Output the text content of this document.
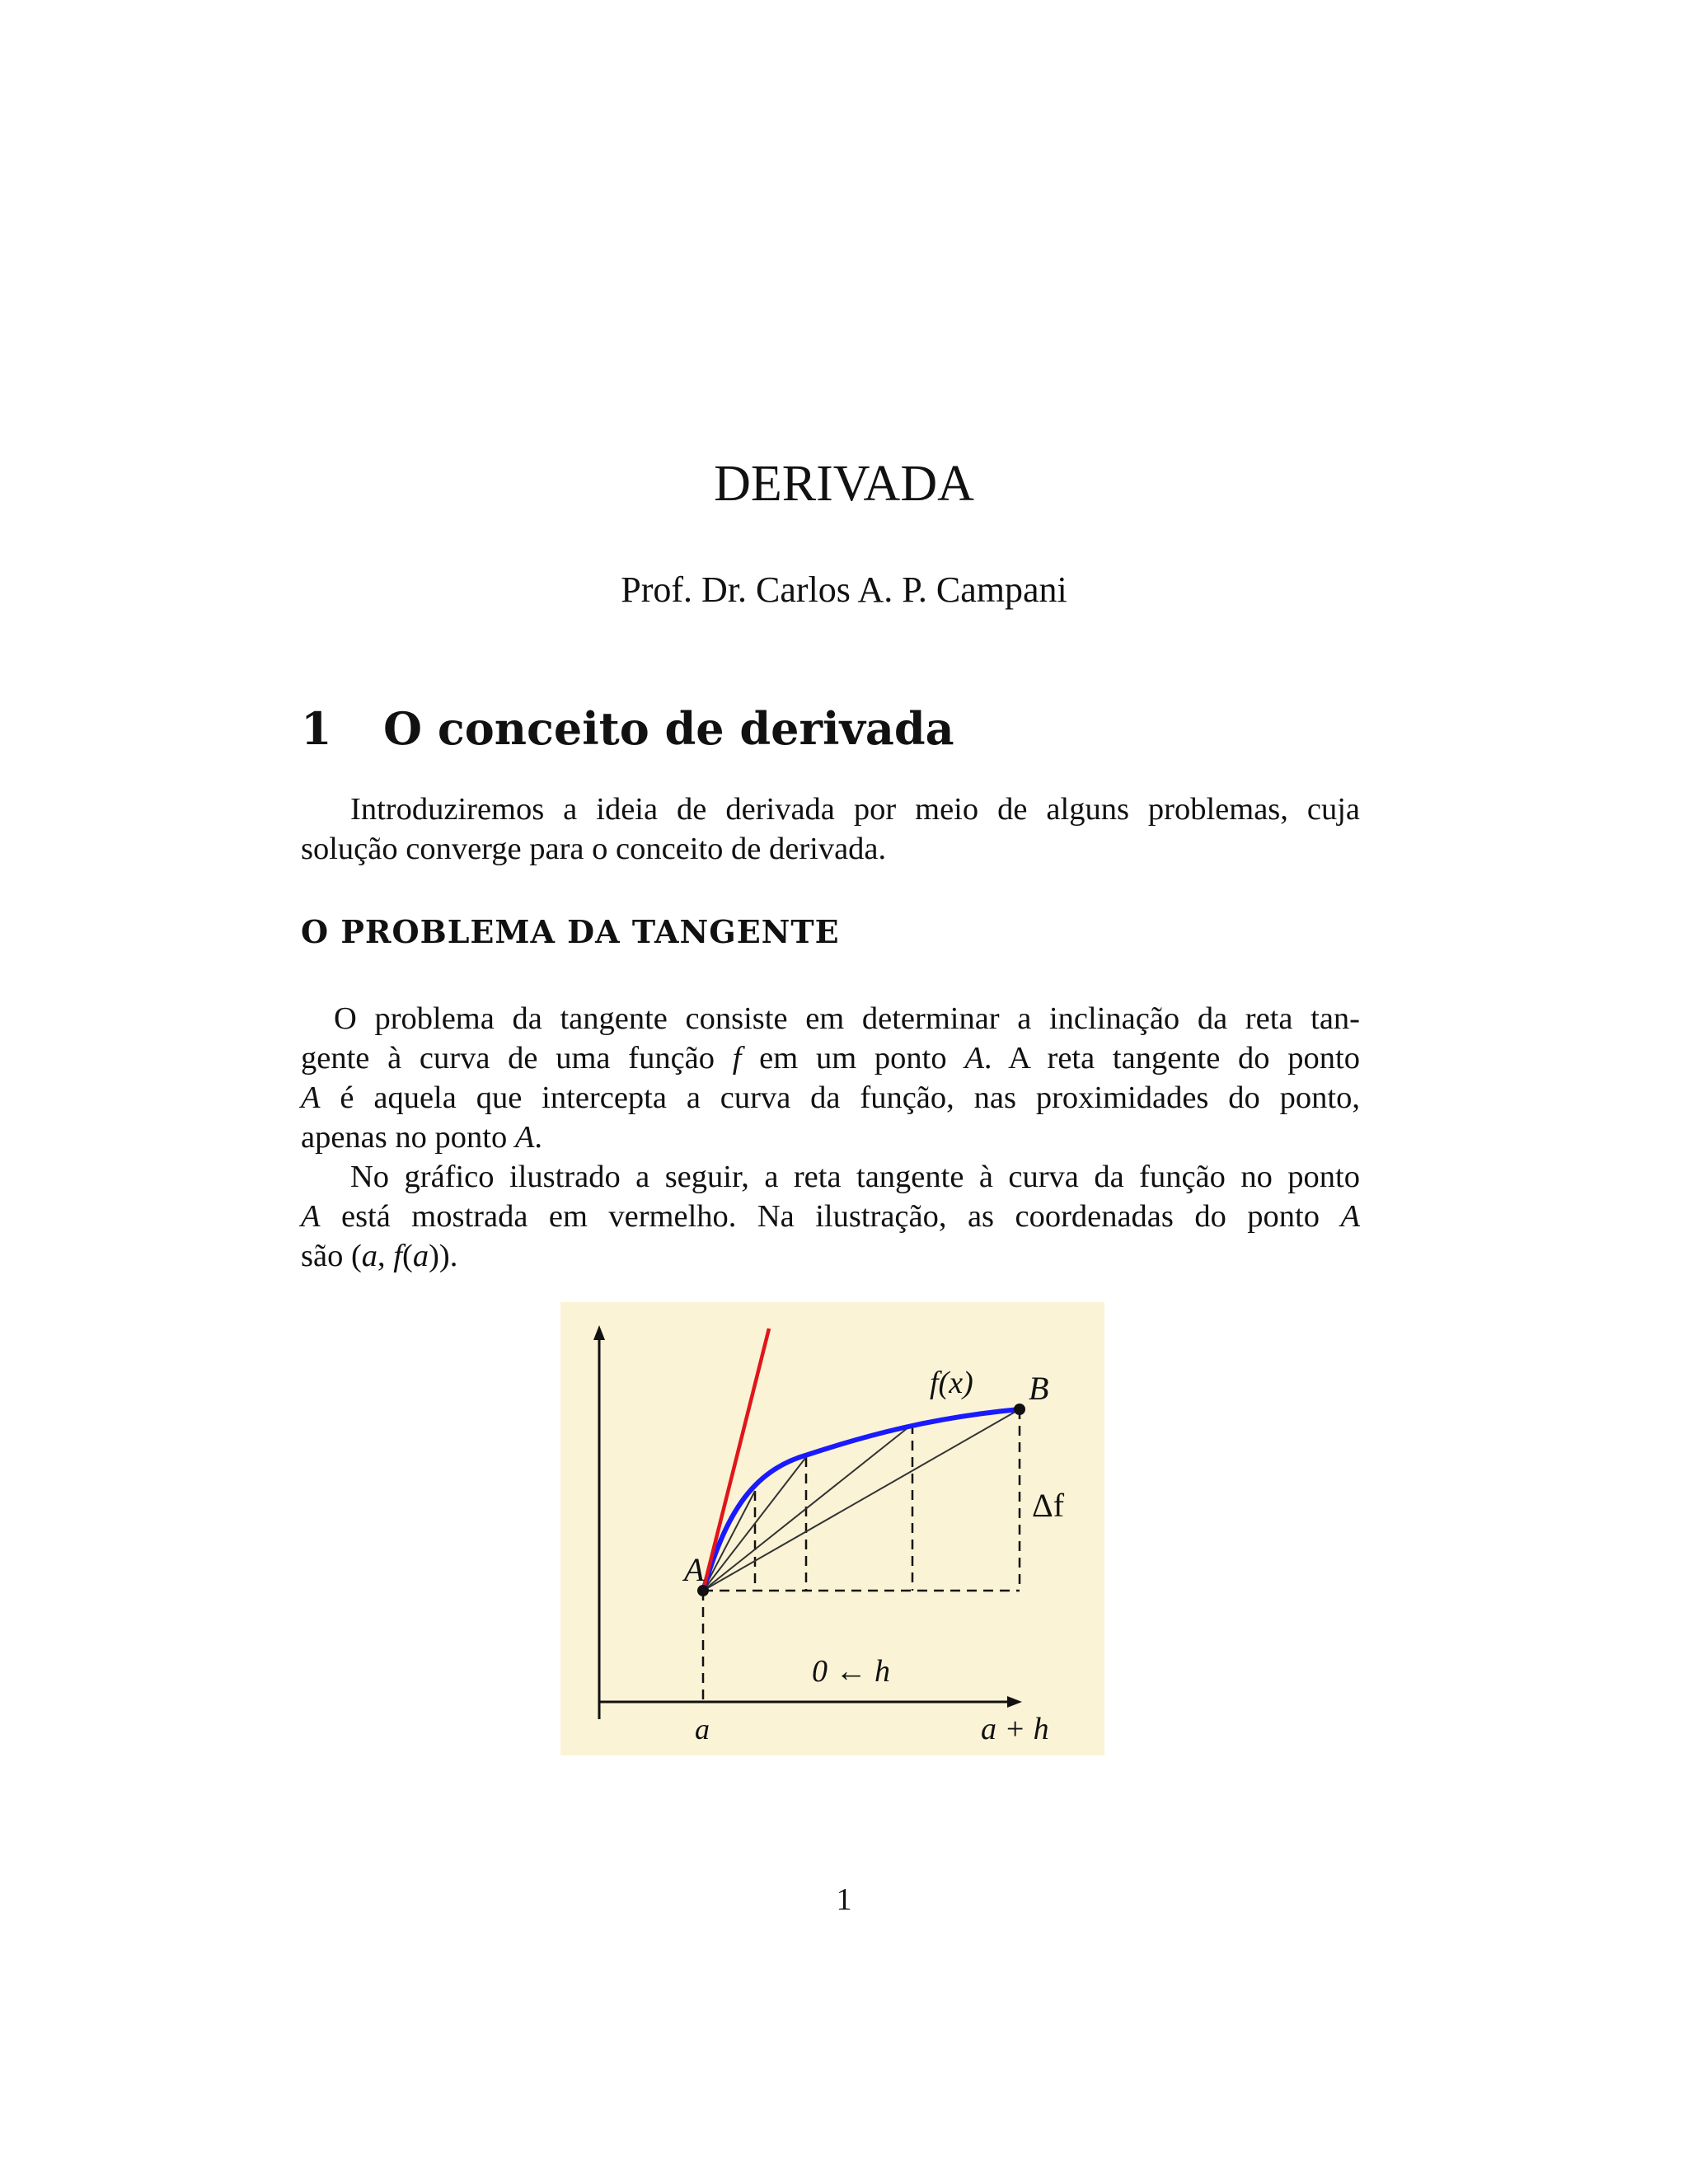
DERIVADA
Prof. Dr. Carlos A. P. Campani
1 O conceito de derivada
Introduziremos a ideia de derivada por meio de alguns problemas, cuja
solução converge para o conceito de derivada.
O PROBLEMA DA TANGENTE
O problema da tangente consiste em determinar a inclinação da reta tan-
gente à curva de uma função f em um ponto A. A reta tangente do ponto
A é aquela que intercepta a curva da função, nas proximidades do ponto,
apenas no ponto A.
No gráfico ilustrado a seguir, a reta tangente à curva da função no ponto
A está mostrada em vermelho. Na ilustração, as coordenadas do ponto A
são (a, f(a)).
A
B
f(x)
Δf
0 ← h
a	a + h
1
